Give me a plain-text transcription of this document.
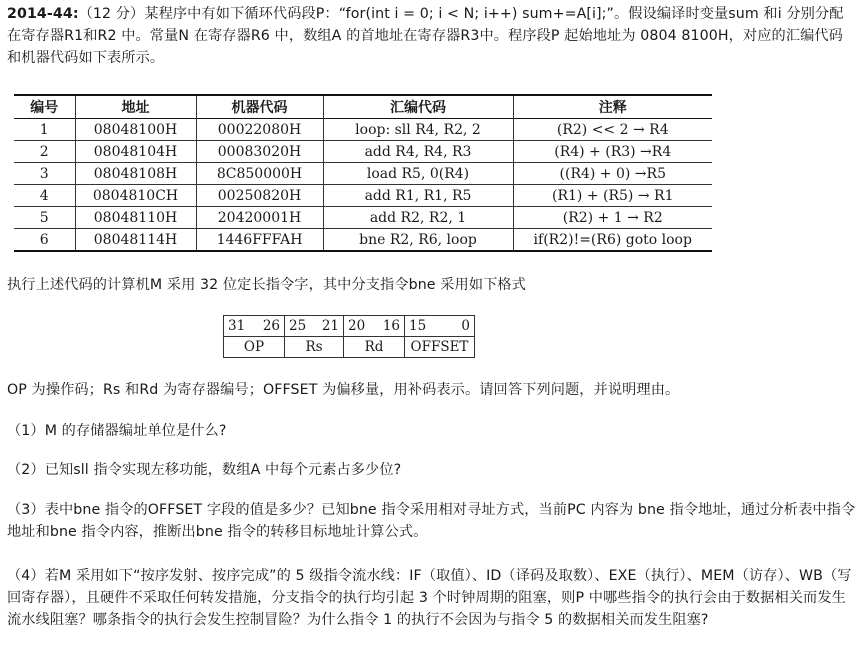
2014-44:（12 分）某程序中有如下循环代码段P：“for(int i = 0; i < N; i++) sum+=A[i];”。假设编译时变量sum 和i 分别分配在寄存器R1和R2 中。常量N 在寄存器R6 中，数组A 的首地址在寄存器R3中。程序段P 起始地址为 0804 8100H，对应的汇编代码和机器代码如下表所示。
编号	地址	机器代码	汇编代码	注释
1	08048100H	00022080H	loop: sll R4, R2, 2	(R2) << 2 → R4
2	08048104H	00083020H	add R4, R4, R3	(R4) + (R3) →R4
3	08048108H	8C850000H	load R5, 0(R4)	((R4) + 0) →R5
4	0804810CH	00250820H	add R1, R1, R5	(R1) + (R5) → R1
5	08048110H	20420001H	add R2, R2, 1	(R2) + 1 → R2
6	08048114H	1446FFFAH	bne R2, R6, loop	if(R2)!=(R6) goto loop
执行上述代码的计算机M 采用 32 位定长指令字，其中分支指令bne 采用如下格式
31 26	25 21	20 16	15 0

OP	Rs	Rd	OFFSET
OP 为操作码；Rs 和Rd 为寄存器编号；OFFSET 为偏移量，用补码表示。请回答下列问题，并说明理由。
（1）M 的存储器编址单位是什么?
（2）已知sll 指令实现左移功能，数组A 中每个元素占多少位?
（3）表中bne 指令的OFFSET 字段的值是多少？已知bne 指令采用相对寻址方式，当前PC 内容为 bne 指令地址，通过分析表中指令地址和bne 指令内容，推断出bne 指令的转移目标地址计算公式。
（4）若M 采用如下“按序发射、按序完成”的 5 级指令流水线：IF（取值）、ID（译码及取数）、EXE（执行）、MEM（访存）、WB（写回寄存器），且硬件不采取任何转发措施，分支指令的执行均引起 3 个时钟周期的阻塞，则P 中哪些指令的执行会由于数据相关而发生流水线阻塞？哪条指令的执行会发生控制冒险？为什么指令 1 的执行不会因为与指令 5 的数据相关而发生阻塞?
